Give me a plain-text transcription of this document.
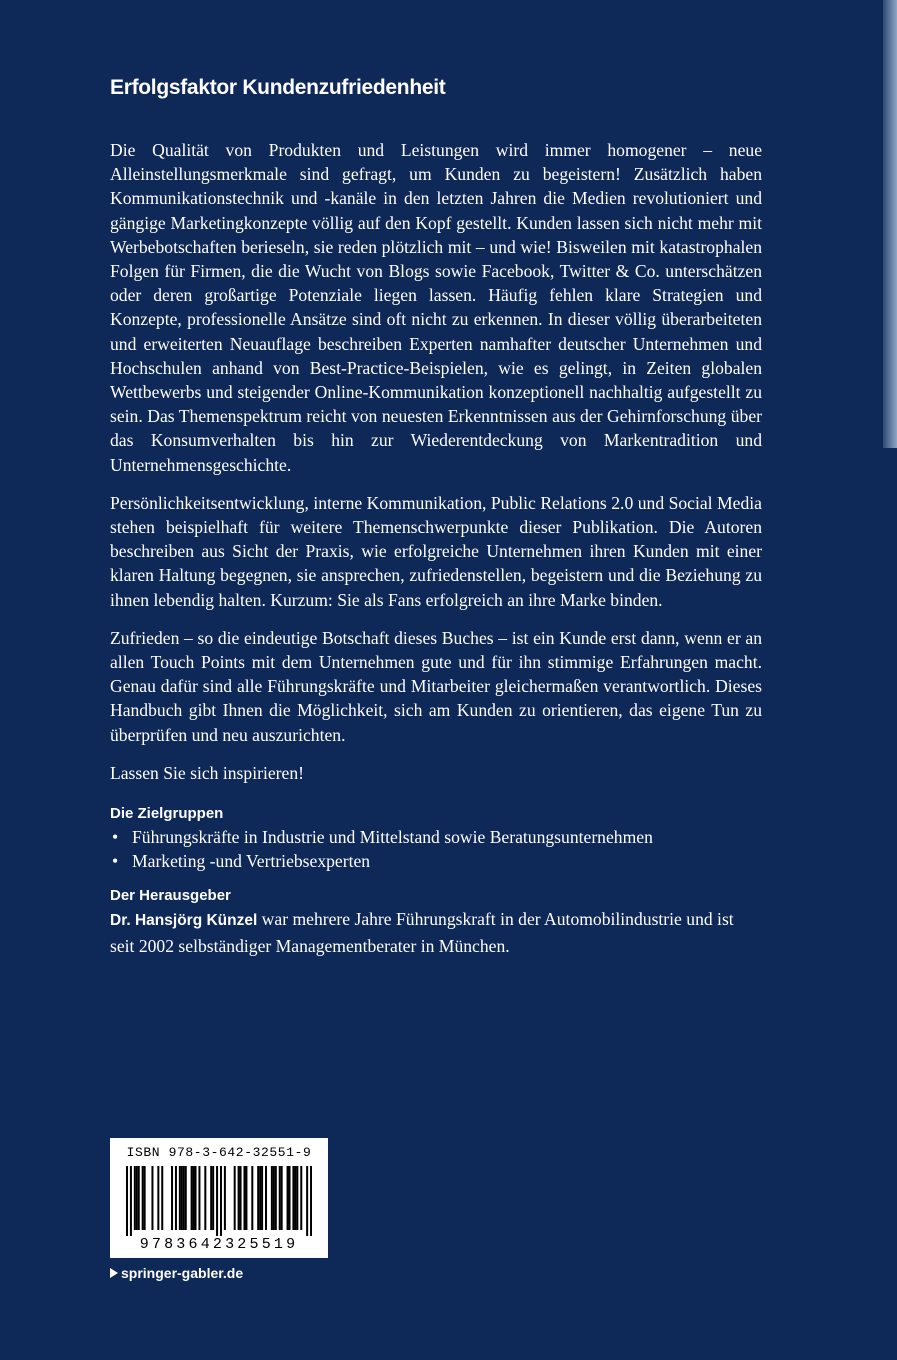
Erfolgsfaktor Kundenzufriedenheit

Die Qualität von Produkten und Leistungen wird immer homogener – neue Alleinstellungsmerkmale sind gefragt, um Kunden zu begeistern! Zusätzlich haben Kommunikationstechnik und -kanäle in den letzten Jahren die Medien revolutioniert und gängige Marketingkonzepte völlig auf den Kopf gestellt. Kunden lassen sich nicht mehr mit Werbebotschaften berieseln, sie reden plötzlich mit – und wie! Bisweilen mit katastrophalen Folgen für Firmen, die die Wucht von Blogs sowie Facebook, Twitter & Co. unterschätzen oder deren großartige Potenziale liegen lassen. Häufig fehlen klare Strategien und Konzepte, professionelle Ansätze sind oft nicht zu erkennen. In dieser völlig überarbeiteten und erweiterten Neuauflage beschreiben Experten namhafter deutscher Unternehmen und Hochschulen anhand von Best-Practice-Beispielen, wie es gelingt, in Zeiten globalen Wettbewerbs und steigender Online-Kommunikation konzeptionell nachhaltig aufgestellt zu sein. Das Themenspektrum reicht von neuesten Erkenntnissen aus der Gehirnforschung über das Konsumverhalten bis hin zur Wiederentdeckung von Markentradition und Unternehmensgeschichte.

Persönlichkeitsentwicklung, interne Kommunikation, Public Relations 2.0 und Social Media stehen beispielhaft für weitere Themenschwerpunkte dieser Publikation. Die Autoren beschreiben aus Sicht der Praxis, wie erfolgreiche Unternehmen ihren Kunden mit einer klaren Haltung begegnen, sie ansprechen, zufriedenstellen, begeistern und die Beziehung zu ihnen lebendig halten. Kurzum: Sie als Fans erfolgreich an ihre Marke binden.

Zufrieden – so die eindeutige Botschaft dieses Buches – ist ein Kunde erst dann, wenn er an allen Touch Points mit dem Unternehmen gute und für ihn stimmige Erfahrungen macht. Genau dafür sind alle Führungskräfte und Mitarbeiter gleichermaßen verantwortlich. Dieses Handbuch gibt Ihnen die Möglichkeit, sich am Kunden zu orientieren, das eigene Tun zu überprüfen und neu auszurichten.

Lassen Sie sich inspirieren!

Die Zielgruppen
• Führungskräfte in Industrie und Mittelstand sowie Beratungsunternehmen
• Marketing -und Vertriebsexperten
Der Herausgeber

Dr. Hansjörg Künzel war mehrere Jahre Führungskraft in der Automobilindustrie und ist seit 2002 selbständiger Managementberater in München.

ISBN 978-3-642-32551-9
9783642325519
springer-gabler.de
